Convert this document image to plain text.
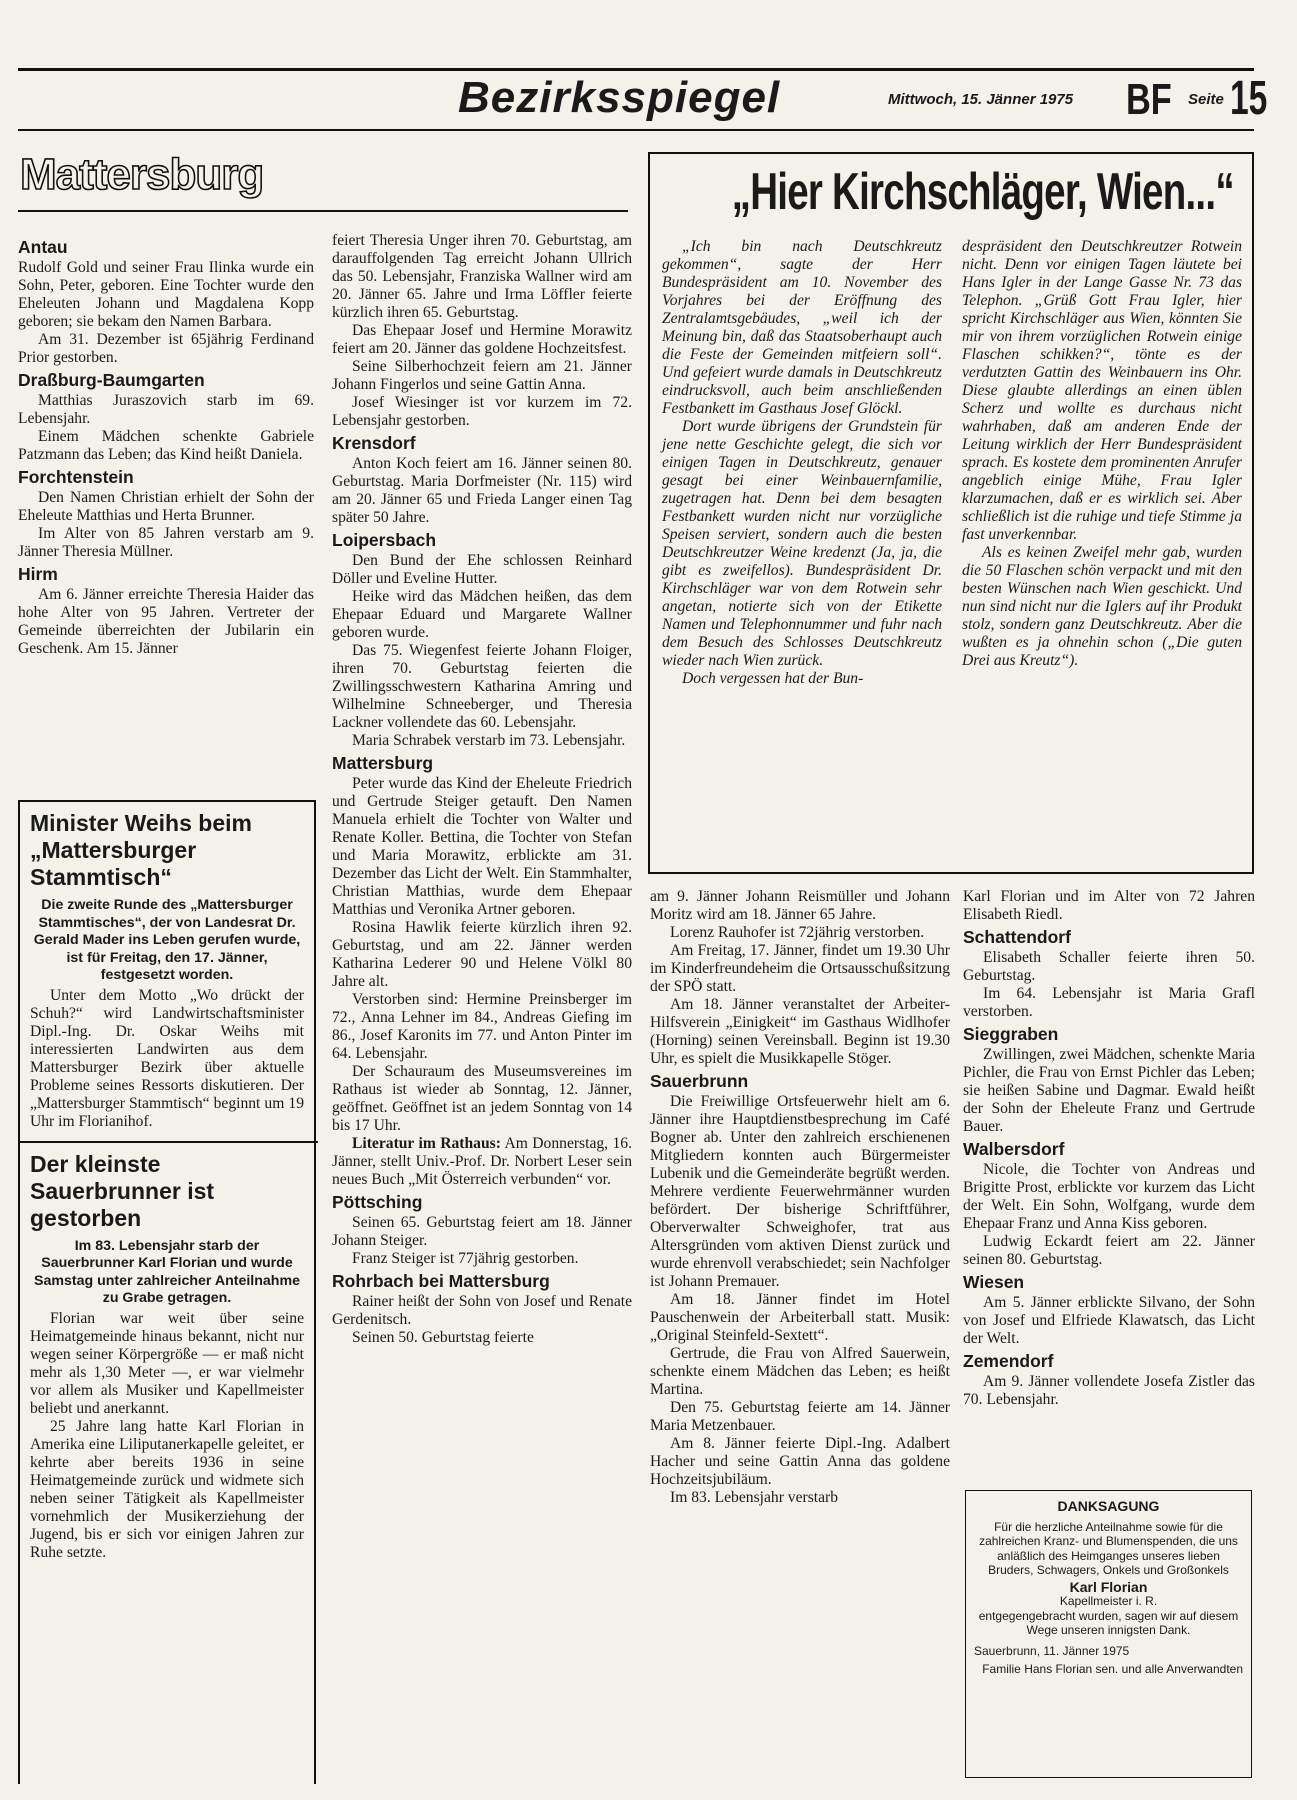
Bezirksspiegel	Mittwoch, 15. Jänner 1975 BF Seite 15
Mattersburg
Antau

Rudolf Gold und seiner Frau Ilinka wurde ein Sohn, Peter, geboren. Eine Tochter wurde den Eheleuten Johann und Magdalena Kopp geboren; sie bekam den Namen Barbara.

Am 31. Dezember ist 65jährig Ferdinand Prior gestorben.

Draßburg-Baumgarten

Matthias Juraszovich starb im 69. Lebensjahr.

Einem Mädchen schenkte Gabriele Patzmann das Leben; das Kind heißt Daniela.

Forchtenstein

Den Namen Christian erhielt der Sohn der Eheleute Matthias und Herta Brunner.

Im Alter von 85 Jahren verstarb am 9. Jänner Theresia Müllner.

Hirm

Am 6. Jänner erreichte Theresia Haider das hohe Alter von 95 Jahren. Vertreter der Gemeinde überreichten der Jubilarin ein Geschenk. Am 15. Jänner

Minister Weihs beim „Mattersburger Stammtisch“
Die zweite Runde des „Mattersburger Stammtisches“, der von Landesrat Dr. Gerald Mader ins Leben gerufen wurde, ist für Freitag, den 17. Jänner, festgesetzt worden.

Unter dem Motto „Wo drückt der Schuh?“ wird Landwirtschaftsminister Dipl.-Ing. Dr. Oskar Weihs mit interessierten Landwirten aus dem Mattersburger Bezirk über aktuelle Probleme seines Ressorts diskutieren. Der „Mattersburger Stammtisch“ beginnt um 19 Uhr im Florianihof.

Der kleinste Sauerbrunner ist gestorben
Im 83. Lebensjahr starb der Sauerbrunner Karl Florian und wurde Samstag unter zahlreicher Anteilnahme zu Grabe getragen.

Florian war weit über seine Heimatgemeinde hinaus bekannt, nicht nur wegen seiner Körpergröße — er maß nicht mehr als 1,30 Meter —, er war vielmehr vor allem als Musiker und Kapellmeister beliebt und anerkannt.

25 Jahre lang hatte Karl Florian in Amerika eine Liliputanerkapelle geleitet, er kehrte aber bereits 1936 in seine Heimatgemeinde zurück und widmete sich neben seiner Tätigkeit als Kapellmeister vornehmlich der Musikerziehung der Jugend, bis er sich vor einigen Jahren zur Ruhe setzte.

feiert Theresia Unger ihren 70. Geburtstag, am darauffolgenden Tag erreicht Johann Ullrich das 50. Lebensjahr, Franziska Wallner wird am 20. Jänner 65. Jahre und Irma Löffler feierte kürzlich ihren 65. Geburtstag.

Das Ehepaar Josef und Hermine Morawitz feiert am 20. Jänner das goldene Hochzeitsfest.

Seine Silberhochzeit feiern am 21. Jänner Johann Fingerlos und seine Gattin Anna.

Josef Wiesinger ist vor kurzem im 72. Lebensjahr gestorben.

Krensdorf

Anton Koch feiert am 16. Jänner seinen 80. Geburtstag. Maria Dorfmeister (Nr. 115) wird am 20. Jänner 65 und Frieda Langer einen Tag später 50 Jahre.

Loipersbach

Den Bund der Ehe schlossen Reinhard Döller und Eveline Hutter.

Heike wird das Mädchen heißen, das dem Ehepaar Eduard und Margarete Wallner geboren wurde.

Das 75. Wiegenfest feierte Johann Floiger, ihren 70. Geburtstag feierten die Zwillingsschwestern Katharina Amring und Wilhelmine Schneeberger, und Theresia Lackner vollendete das 60. Lebensjahr.

Maria Schrabek verstarb im 73. Lebensjahr.

Mattersburg

Peter wurde das Kind der Eheleute Friedrich und Gertrude Steiger getauft. Den Namen Manuela erhielt die Tochter von Walter und Renate Koller. Bettina, die Tochter von Stefan und Maria Morawitz, erblickte am 31. Dezember das Licht der Welt. Ein Stammhalter, Christian Matthias, wurde dem Ehepaar Matthias und Veronika Artner geboren.

Rosina Hawlik feierte kürzlich ihren 92. Geburtstag, und am 22. Jänner werden Katharina Lederer 90 und Helene Völkl 80 Jahre alt.

Verstorben sind: Hermine Preinsberger im 72., Anna Lehner im 84., Andreas Giefing im 86., Josef Karonits im 77. und Anton Pinter im 64. Lebensjahr.

Der Schauraum des Museumsvereines im Rathaus ist wieder ab Sonntag, 12. Jänner, geöffnet. Geöffnet ist an jedem Sonntag von 14 bis 17 Uhr.

Literatur im Rathaus: Am Donnerstag, 16. Jänner, stellt Univ.-Prof. Dr. Norbert Leser sein neues Buch „Mit Österreich verbunden“ vor.

Pöttsching

Seinen 65. Geburtstag feiert am 18. Jänner Johann Steiger.

Franz Steiger ist 77jährig gestorben.

Rohrbach bei Mattersburg

Rainer heißt der Sohn von Josef und Renate Gerdenitsch.

Seinen 50. Geburtstag feierte

„Hier Kirchschläger, Wien...“

„Ich bin nach Deutschkreutz gekommen“, sagte der Herr Bundespräsident am 10. November des Vorjahres bei der Eröffnung des Zentralamtsgebäudes, „weil ich der Meinung bin, daß das Staatsoberhaupt auch die Feste der Gemeinden mitfeiern soll“. Und gefeiert wurde damals in Deutschkreutz eindrucksvoll, auch beim anschließenden Festbankett im Gasthaus Josef Glöckl.

Dort wurde übrigens der Grundstein für jene nette Geschichte gelegt, die sich vor einigen Tagen in Deutschkreutz, genauer gesagt bei einer Weinbauernfamilie, zugetragen hat. Denn bei dem besagten Festbankett wurden nicht nur vorzügliche Speisen serviert, sondern auch die besten Deutschkreutzer Weine kredenzt (Ja, ja, die gibt es zweifellos). Bundespräsident Dr. Kirchschläger war von dem Rotwein sehr angetan, notierte sich von der Etikette Namen und Telephonnummer und fuhr nach dem Besuch des Schlosses Deutschkreutz wieder nach Wien zurück.

Doch vergessen hat der Bun-

despräsident den Deutschkreutzer Rotwein nicht. Denn vor einigen Tagen läutete bei Hans Igler in der Lange Gasse Nr. 73 das Telephon. „Grüß Gott Frau Igler, hier spricht Kirchschläger aus Wien, könnten Sie mir von ihrem vorzüglichen Rotwein einige Flaschen schikken?“, tönte es der verdutzten Gattin des Weinbauern ins Ohr. Diese glaubte allerdings an einen üblen Scherz und wollte es durchaus nicht wahrhaben, daß am anderen Ende der Leitung wirklich der Herr Bundespräsident sprach. Es kostete dem prominenten Anrufer angeblich einige Mühe, Frau Igler klarzumachen, daß er es wirklich sei. Aber schließlich ist die ruhige und tiefe Stimme ja fast unverkennbar.

Als es keinen Zweifel mehr gab, wurden die 50 Flaschen schön verpackt und mit den besten Wünschen nach Wien geschickt. Und nun sind nicht nur die Iglers auf ihr Produkt stolz, sondern ganz Deutschkreutz. Aber die wußten es ja ohnehin schon („Die guten Drei aus Kreutz“).

am 9. Jänner Johann Reismüller und Johann Moritz wird am 18. Jänner 65 Jahre.

Lorenz Rauhofer ist 72jährig verstorben.

Am Freitag, 17. Jänner, findet um 19.30 Uhr im Kinderfreundeheim die Ortsausschußsitzung der SPÖ statt.

Am 18. Jänner veranstaltet der Arbeiter-Hilfsverein „Einigkeit“ im Gasthaus Widlhofer (Horning) seinen Vereinsball. Beginn ist 19.30 Uhr, es spielt die Musikkapelle Stöger.

Sauerbrunn

Die Freiwillige Ortsfeuerwehr hielt am 6. Jänner ihre Hauptdienstbesprechung im Café Bogner ab. Unter den zahlreich erschienenen Mitgliedern konnten auch Bürgermeister Lubenik und die Gemeinderäte begrüßt werden. Mehrere verdiente Feuerwehrmänner wurden befördert. Der bisherige Schriftführer, Oberverwalter Schweighofer, trat aus Altersgründen vom aktiven Dienst zurück und wurde ehrenvoll verabschiedet; sein Nachfolger ist Johann Premauer.

Am 18. Jänner findet im Hotel Pauschenwein der Arbeiterball statt. Musik: „Original Steinfeld-Sextett“.

Gertrude, die Frau von Alfred Sauerwein, schenkte einem Mädchen das Leben; es heißt Martina.

Den 75. Geburtstag feierte am 14. Jänner Maria Metzenbauer.

Am 8. Jänner feierte Dipl.-Ing. Adalbert Hacher und seine Gattin Anna das goldene Hochzeitsjubiläum.

Im 83. Lebensjahr verstarb

Karl Florian und im Alter von 72 Jahren Elisabeth Riedl.

Schattendorf

Elisabeth Schaller feierte ihren 50. Geburtstag.

Im 64. Lebensjahr ist Maria Grafl verstorben.

Sieggraben

Zwillingen, zwei Mädchen, schenkte Maria Pichler, die Frau von Ernst Pichler das Leben; sie heißen Sabine und Dagmar. Ewald heißt der Sohn der Eheleute Franz und Gertrude Bauer.

Walbersdorf

Nicole, die Tochter von Andreas und Brigitte Prost, erblickte vor kurzem das Licht der Welt. Ein Sohn, Wolfgang, wurde dem Ehepaar Franz und Anna Kiss geboren.

Ludwig Eckardt feiert am 22. Jänner seinen 80. Geburtstag.

Wiesen

Am 5. Jänner erblickte Silvano, der Sohn von Josef und Elfriede Klawatsch, das Licht der Welt.

Zemendorf

Am 9. Jänner vollendete Josefa Zistler das 70. Lebensjahr.

DANKSAGUNG
Für die herzliche Anteilnahme sowie für die zahlreichen Kranz- und Blumenspenden, die uns anläßlich des Heimganges unseres lieben Bruders, Schwagers, Onkels und Großonkels
Karl Florian
Kapellmeister i. R.
entgegengebracht wurden, sagen wir auf diesem Wege unseren innigsten Dank.
Sauerbrunn, 11. Jänner 1975
Familie Hans Florian sen. und alle Anverwandten
